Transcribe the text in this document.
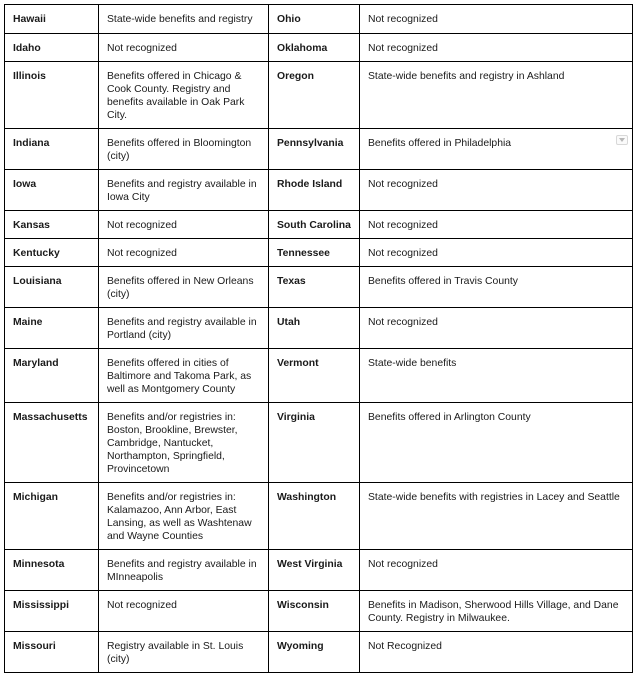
Hawaii	State-wide benefits and registry	Ohio	Not recognized
Idaho	Not recognized	Oklahoma	Not recognized
Illinois	Benefits offered in Chicago & Cook County. Registry and benefits available in Oak Park City.	Oregon	State-wide benefits and registry in Ashland
Indiana	Benefits offered in Bloomington (city)	Pennsylvania	Benefits offered in Philadelphia

Iowa	Benefits and registry available in Iowa City	Rhode Island	Not recognized
Kansas	Not recognized	South Carolina	Not recognized
Kentucky	Not recognized	Tennessee	Not recognized
Louisiana	Benefits offered in New Orleans (city)	Texas	Benefits offered in Travis County
Maine	Benefits and registry available in Portland (city)	Utah	Not recognized
Maryland	Benefits offered in cities of Baltimore and Takoma Park, as well as Montgomery County	Vermont	State-wide benefits
Massachusetts	Benefits and/or registries in: Boston, Brookline, Brewster, Cambridge, Nantucket, Northampton, Springfield, Provincetown	Virginia	Benefits offered in Arlington County
Michigan	Benefits and/or registries in: Kalamazoo, Ann Arbor, East Lansing, as well as Washtenaw and Wayne Counties	Washington	State-wide benefits with registries in Lacey and Seattle
Minnesota	Benefits and registry available in MInneapolis	West Virginia	Not recognized
Mississippi	Not recognized	Wisconsin	Benefits in Madison, Sherwood Hills Village, and Dane County. Registry in Milwaukee.
Missouri	Registry available in St. Louis (city)	Wyoming	Not Recognized
